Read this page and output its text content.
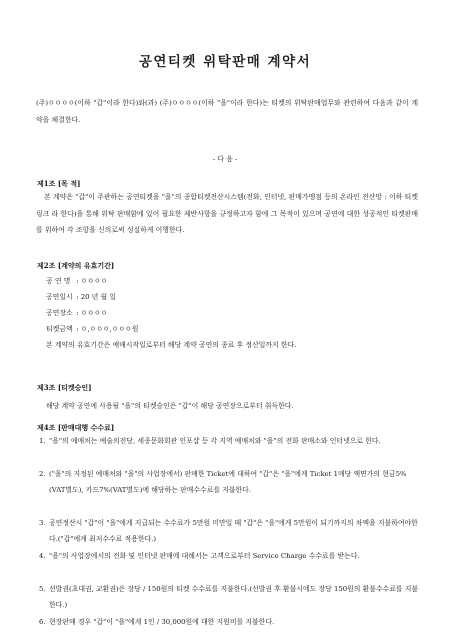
공연티켓 위탁판매 계약서

(주)ㅇㅇㅇㅇ(이하 "갑"이라 한다)와(과) (주)ㅇㅇㅇㅇ(이하 "을"이라 한다)는 티켓의 위탁판매업무와 관련하여 다음과 같이 계약을 체결한다.

- 다 음 -
제1조 [목 적]

본 계약은 "갑"이 주관하는 공연티켓을 "을"의 종합티켓전산시스템(전화, 인터넷, 판매가맹점 등의 온라인 전산망 : 이하 티켓링크 라 한다)을 통해 위탁 판매함에 있어 필요한 제반사항을 규정하고자 함에 그 목적이 있으며 공연에 대한 성공적인 티켓판매를 위하여 각 조항을 신의로써 성실하게 이행한다.

제2조 [계약의 유효기간]
공 연 명 : ㅇㅇㅇㅇ
공연일시 : 20 년 월 일
공연장소 : ㅇㅇㅇㅇ
티켓금액 : ㅇ,ㅇㅇㅇ,ㅇㅇㅇ원
본 계약의 유효기간은 예매시작일로부터 해당 계약 공연의 종료 후 정산일까지 한다.
제3조 [티켓승인]
해당 계약 공연에 사용될 "을"의 티켓승인은 "갑"이 해당 공연장으로부터 취득한다.
제4조 [판매대행 수수료]
1. "을"의 예매처는 예술의전당, 세종문화회관 인포샵 등 각 지역 예매처와 "을"의 전화 판매소와 인터넷으로 한다.
2. ("을"의 지정된 예매처와 "을"의 사업장에서) 판매한 Ticket에 대하여 "갑"은 "을"에게 Ticket 1매당 액면가의 현금5%(VAT별도), 카드7%(VAT별도)에 해당하는 판매수수료를 지불한다.
3. 공연정산시 "갑"이 "을"에게 지급되는 수수료가 5만원 미만일 때 "갑"은 "을"에게 5만원이 되기까지의 차액을 지불하여야한다.("갑"에게 최저수수료 적용한다.)
4. "을"의 사업장에서의 전화 및 인터넷 판매에 대해서는 고객으로부터 Service Charge 수수료를 받는다.
5. 선발권(초대권, 교환권)은 장당 / 150원의 티켓 수수료를 지불한다.(선발권 후 환불시에도 장당 150원의 환불수수료를 지불한다.)
6. 현장판매 경우 "갑"이 "을"에게 1인 / 30,000원에 대한 지원비를 지불한다.
